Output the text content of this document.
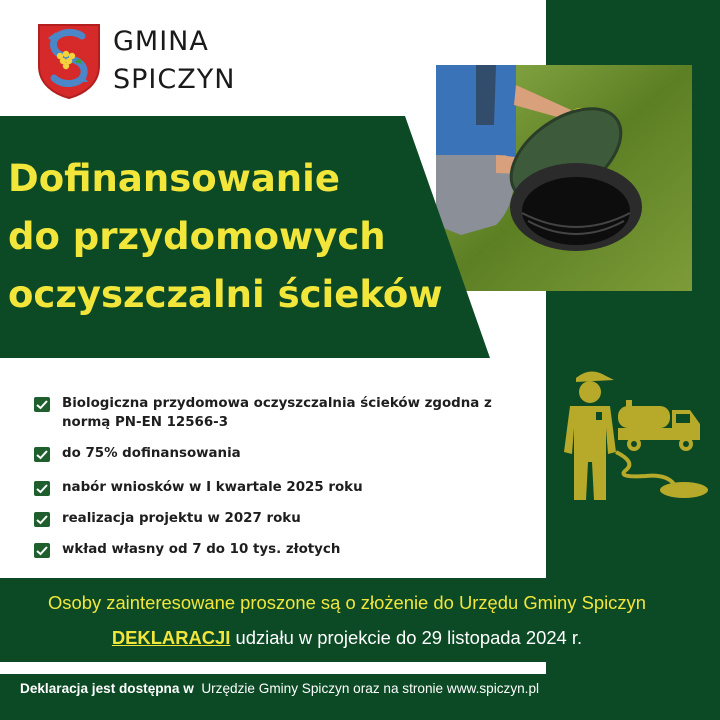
GMINA
SPICZYN
Dofinansowanie
do przydomowych
oczyszczalni ścieków
Biologiczna przydomowa oczyszczalnia ścieków zgodna z
normą PN-EN 12566-3
do 75% dofinansowania
nabór wniosków w I kwartale 2025 roku
realizacja projektu w 2027 roku
wkład własny od 7 do 10 tys. złotych
Osoby zainteresowane proszone są o złożenie do Urzędu Gminy Spiczyn
DEKLARACJI udziału w projekcie do 29 listopada 2024 r.
Deklaracja jest dostępna w  Urzędzie Gminy Spiczyn oraz na stronie www.spiczyn.pl
